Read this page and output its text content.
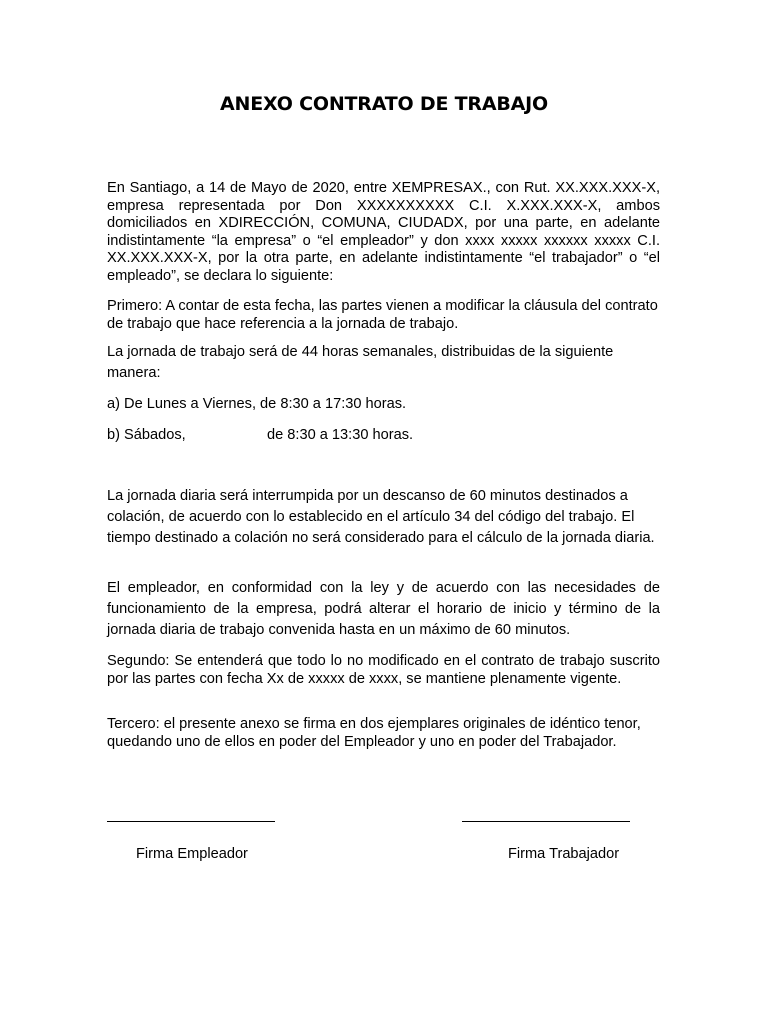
ANEXO CONTRATO DE TRABAJO

En Santiago, a 14 de Mayo de 2020, entre XEMPRESAX., con Rut. XX.XXX.XXX-X, empresa representada por Don XXXXXXXXXX C.I. X.XXX.XXX-X, ambos domiciliados en XDIRECCIÓN, COMUNA, CIUDADX, por una parte, en adelante indistintamente “la empresa” o “el empleador” y don xxxx xxxxx xxxxxx xxxxx C.I. XX.XXX.XXX-X, por la otra parte, en adelante indistintamente “el trabajador” o “el empleado”, se declara lo siguiente:

Primero: A contar de esta fecha, las partes vienen a modificar la cláusula del contrato de trabajo que hace referencia a la jornada de trabajo.

La jornada de trabajo será de 44 horas semanales, distribuidas de la siguiente manera:

a) De Lunes a Viernes, de 8:30 a 17:30 horas.

b) Sábados,	de 8:30 a 13:30 horas.

La jornada diaria será interrumpida por un descanso de 60 minutos destinados a colación, de acuerdo con lo establecido en el artículo 34 del código del trabajo. El tiempo destinado a colación no será considerado para el cálculo de la jornada diaria.

El empleador, en conformidad con la ley y de acuerdo con las necesidades de funcionamiento de la empresa, podrá alterar el horario de inicio y término de la jornada diaria de trabajo convenida hasta en un máximo de 60 minutos.

Segundo: Se entenderá que todo lo no modificado en el contrato de trabajo suscrito por las partes con fecha Xx de xxxxx de xxxx, se mantiene plenamente vigente.

Tercero: el presente anexo se firma en dos ejemplares originales de idéntico tenor, quedando uno de ellos en poder del Empleador y uno en poder del Trabajador.

Firma Empleador	Firma Trabajador
